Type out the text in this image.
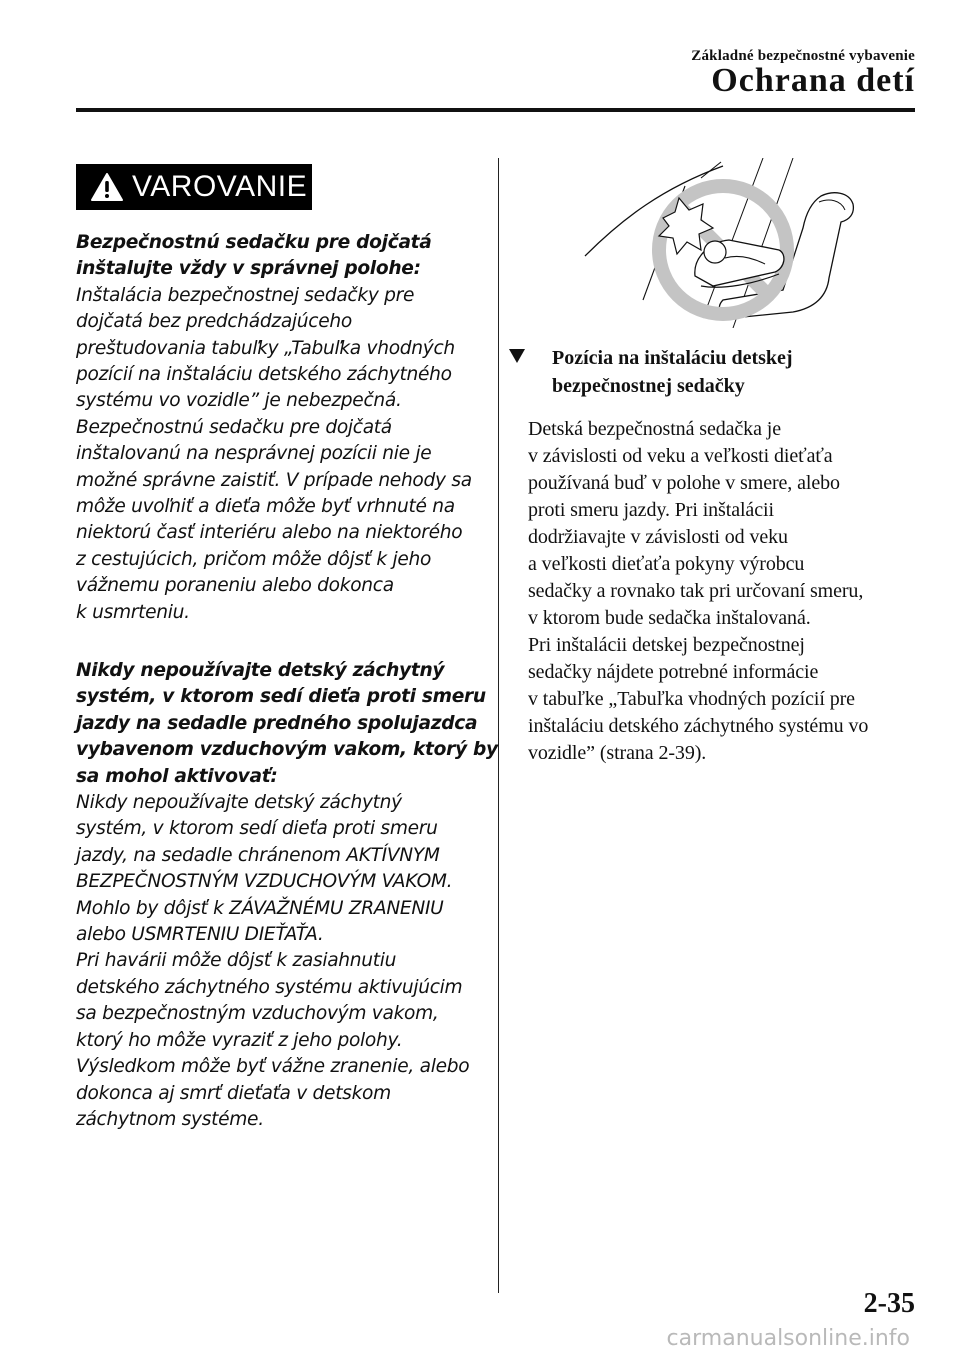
Základné bezpečnostné vybavenie
Ochrana detí
VAROVANIE
Bezpečnostnú sedačku pre dojčatá
inštalujte vždy v správnej polohe:
Inštalácia bezpečnostnej sedačky pre
dojčatá bez predchádzajúceho
preštudovania tabuľky „Tabuľka vhodných
pozícií na inštaláciu detského záchytného
systému vo vozidle” je nebezpečná.
Bezpečnostnú sedačku pre dojčatá
inštalovanú na nesprávnej pozícii nie je
možné správne zaistiť. V prípade nehody sa
môže uvoľniť a dieťa môže byť vrhnuté na
niektorú časť interiéru alebo na niektorého
z cestujúcich, pričom môže dôjsť k jeho
vážnemu poraneniu alebo dokonca
k usmrteniu.
Nikdy nepoužívajte detský záchytný
systém, v ktorom sedí dieťa proti smeru
jazdy na sedadle predného spolujazdca
vybavenom vzduchovým vakom, ktorý by
sa mohol aktivovať:
Nikdy nepoužívajte detský záchytný
systém, v ktorom sedí dieťa proti smeru
jazdy, na sedadle chránenom AKTÍVNYM
BEZPEČNOSTNÝM VZDUCHOVÝM VAKOM.
Mohlo by dôjsť k ZÁVAŽNÉMU ZRANENIU
alebo USMRTENIU DIEŤAŤA.
Pri havárii môže dôjsť k zasiahnutiu
detského záchytného systému aktivujúcim
sa bezpečnostným vzduchovým vakom,
ktorý ho môže vyraziť z jeho polohy.
Výsledkom môže byť vážne zranenie, alebo
dokonca aj smrť dieťaťa v detskom
záchytnom systéme.
Pozícia na inštaláciu detskej
bezpečnostnej sedačky
Detská bezpečnostná sedačka je
v závislosti od veku a veľkosti dieťaťa
používaná buď v polohe v smere, alebo
proti smeru jazdy. Pri inštalácii
dodržiavajte v závislosti od veku
a veľkosti dieťaťa pokyny výrobcu
sedačky a rovnako tak pri určovaní smeru,
v ktorom bude sedačka inštalovaná.
Pri inštalácii detskej bezpečnostnej
sedačky nájdete potrebné informácie
v tabuľke „Tabuľka vhodných pozícií pre
inštaláciu detského záchytného systému vo
vozidle” (strana 2-39).
2-35
carmanualsonline.info
